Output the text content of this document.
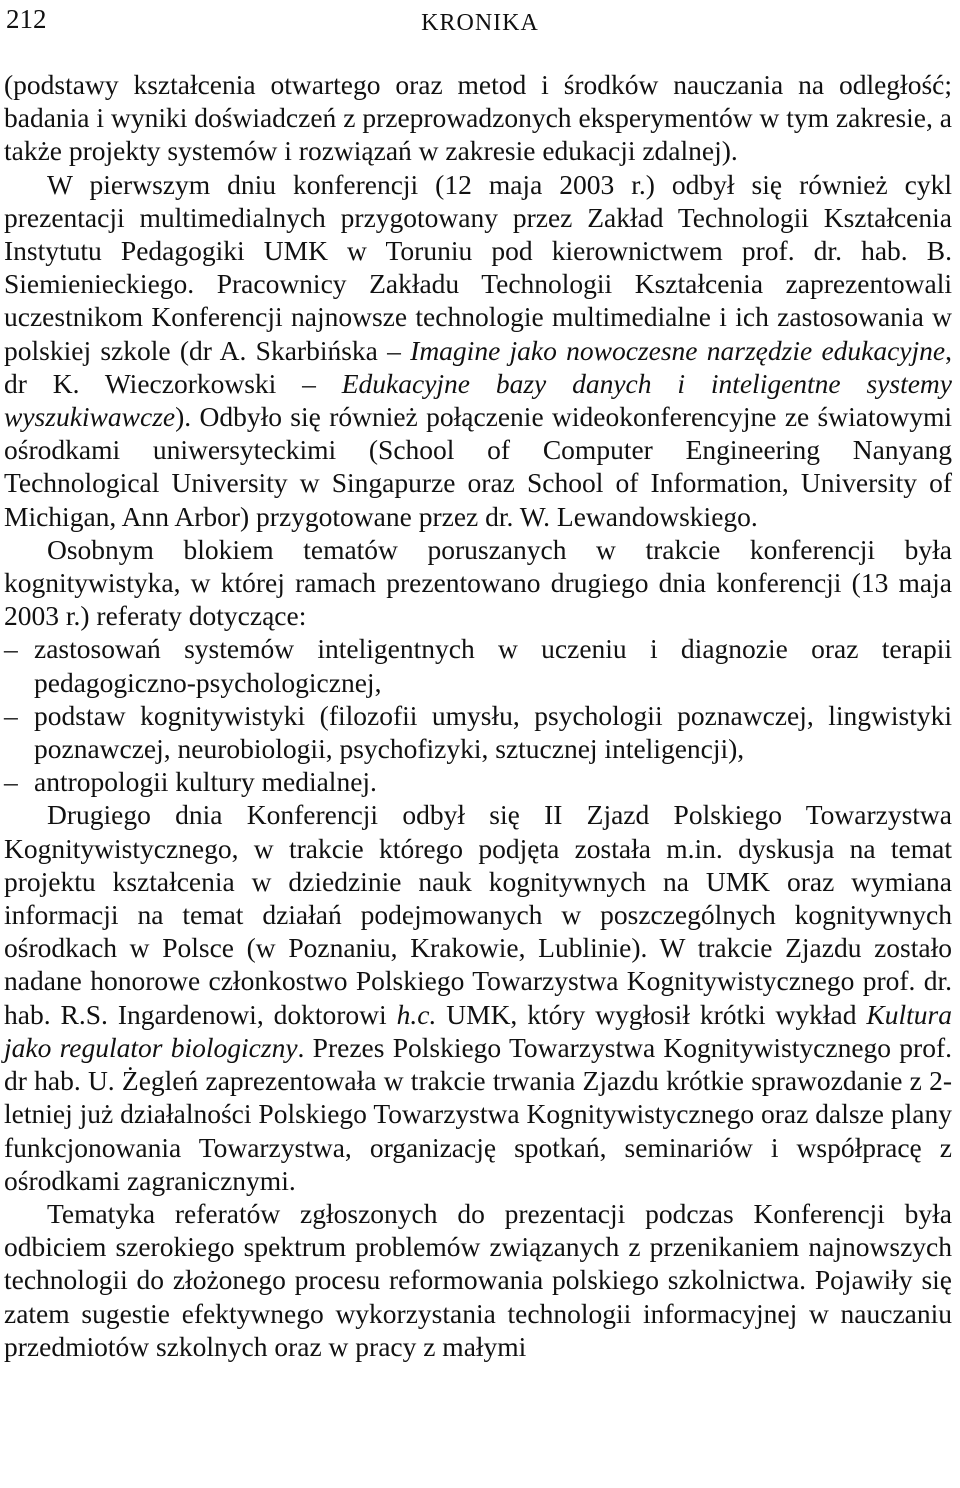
212	KRONIKA

(podstawy kształcenia otwartego oraz metod i środków nauczania na odległość; badania i wyniki doświadczeń z przeprowadzonych eksperymentów w tym zakresie, a także projekty systemów i rozwiązań w zakresie edukacji zdalnej).

W pierwszym dniu konferencji (12 maja 2003 r.) odbył się również cykl prezentacji multimedialnych przygotowany przez Zakład Technologii Kształcenia Instytutu Pedagogiki UMK w Toruniu pod kierownictwem prof. dr. hab. B. Siemienieckiego. Pracownicy Zakładu Technologii Kształcenia zaprezentowali uczestnikom Konferencji najnowsze technologie multimedialne i ich zastosowania w polskiej szkole (dr A. Skarbińska – Imagine jako nowoczesne narzędzie edukacyjne, dr K. Wieczorkowski – Edukacyjne bazy danych i inteligentne systemy wyszukiwawcze). Odbyło się również połączenie wideokonferencyjne ze światowymi ośrodkami uniwersyteckimi (School of Computer Engineering Nanyang Technological University w Singapurze oraz School of Information, University of Michigan, Ann Arbor) przygotowane przez dr. W. Lewandowskiego.

Osobnym blokiem tematów poruszanych w trakcie konferencji była kognitywistyka, w której ramach prezentowano drugiego dnia konferencji (13 maja 2003 r.) referaty dotyczące:

– zastosowań systemów inteligentnych w uczeniu i diagnozie oraz terapii pedagogiczno-psychologicznej,
– podstaw kognitywistyki (filozofii umysłu, psychologii poznawczej, lingwistyki poznawczej, neurobiologii, psychofizyki, sztucznej inteligencji),
– antropologii kultury medialnej.

Drugiego dnia Konferencji odbył się II Zjazd Polskiego Towarzystwa Kognitywistycznego, w trakcie którego podjęta została m.in. dyskusja na temat projektu kształcenia w dziedzinie nauk kognitywnych na UMK oraz wymiana informacji na temat działań podejmowanych w poszczególnych kognitywnych ośrodkach w Polsce (w Poznaniu, Krakowie, Lublinie). W trakcie Zjazdu zostało nadane honorowe członkostwo Polskiego Towarzystwa Kognitywistycznego prof. dr. hab. R.S. Ingardenowi, doktorowi h.c. UMK, który wygłosił krótki wykład Kultura jako regulator biologiczny. Prezes Polskiego Towarzystwa Kognitywistycznego prof. dr hab. U. Żegleń zaprezentowała w trakcie trwania Zjazdu krótkie sprawozdanie z 2-letniej już działalności Polskiego Towarzystwa Kognitywistycznego oraz dalsze plany funkcjonowania Towarzystwa, organizację spotkań, seminariów i współpracę z ośrodkami zagranicznymi.

Tematyka referatów zgłoszonych do prezentacji podczas Konferencji była odbiciem szerokiego spektrum problemów związanych z przenikaniem najnowszych technologii do złożonego procesu reformowania polskiego szkolnictwa. Pojawiły się zatem sugestie efektywnego wykorzystania technologii informacyjnej w nauczaniu przedmiotów szkolnych oraz w pracy z małymi
